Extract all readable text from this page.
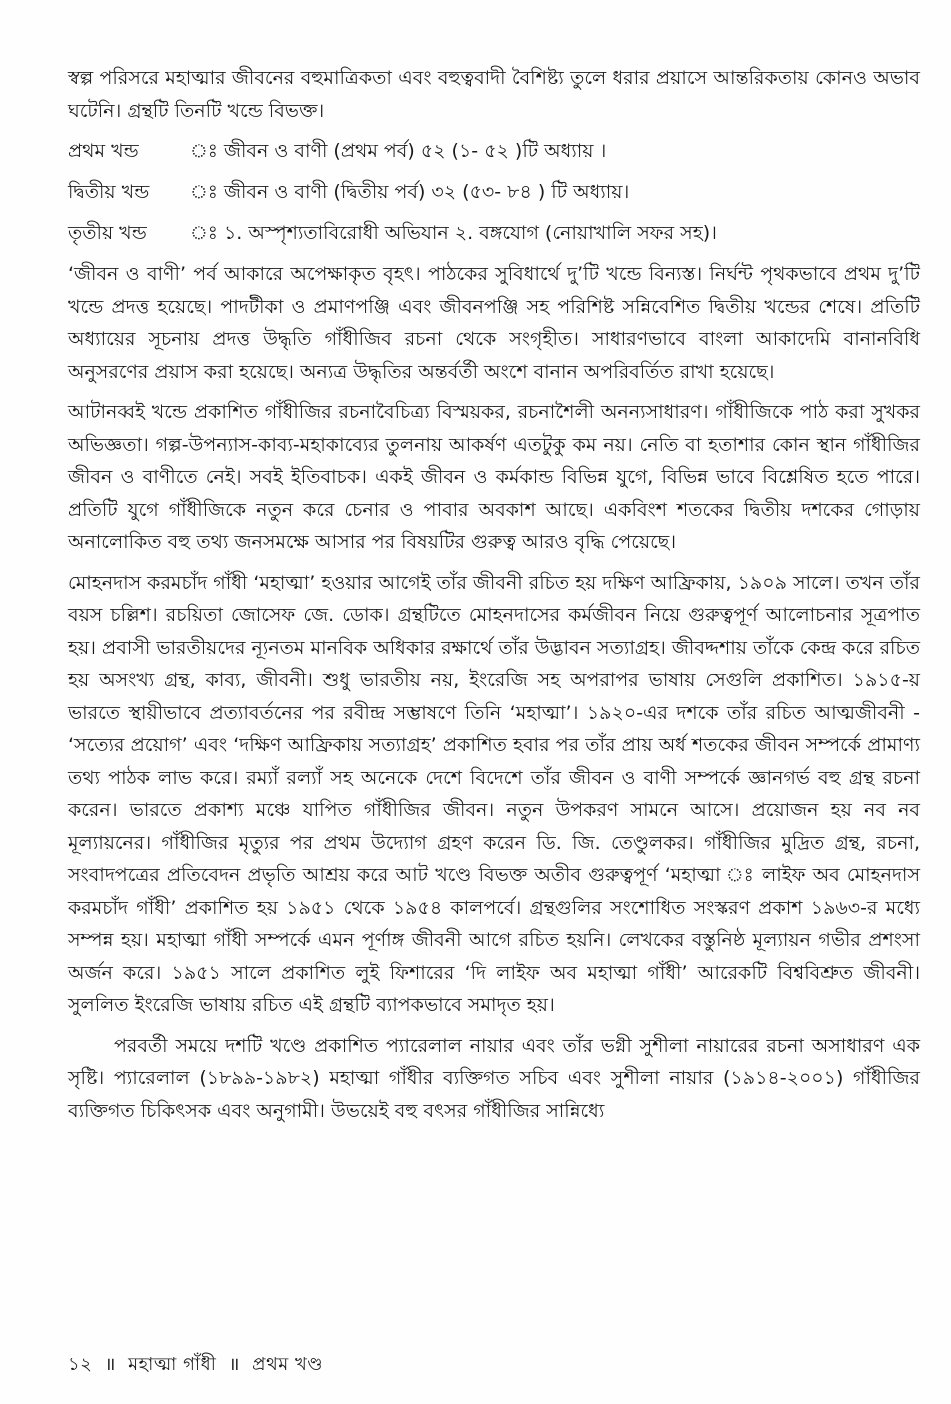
স্বল্প পরিসরে মহাত্মার জীবনের বহুমাত্রিকতা এবং বহুত্ববাদী বৈশিষ্ট্য তুলে ধরার প্রয়াসে আন্তরিকতায় কোনও অভাব ঘটেনি। গ্রন্থটি তিনটি খন্ডে বিভক্ত।

প্রথম খন্ড	ঃ জীবন ও বাণী (প্রথম পর্ব) ৫২ (১- ৫২ )টি অধ্যায় ।
দ্বিতীয় খন্ড	ঃ জীবন ও বাণী (দ্বিতীয় পর্ব) ৩২ (৫৩- ৮৪ ) টি অধ্যায়।
তৃতীয় খন্ড	ঃ ১. অস্পৃশ্যতাবিরোধী অভিযান ২. বঙ্গযোগ (নোয়াখালি সফর সহ)।

‘জীবন ও বাণী’ পর্ব আকারে অপেক্ষাকৃত বৃহৎ। পাঠকের সুবিধার্থে দু’টি খন্ডে বিন্যস্ত। নির্ঘন্ট পৃথকভাবে প্রথম দু’টি খন্ডে প্রদত্ত হয়েছে। পাদটীকা ও প্রমাণপঞ্জি এবং জীবনপঞ্জি সহ পরিশিষ্ট সন্নিবেশিত দ্বিতীয় খন্ডের শেষে। প্রতিটি অধ্যায়ের সূচনায় প্রদত্ত উদ্ধৃতি গাঁধীজিব রচনা থেকে সংগৃহীত। সাধারণভাবে বাংলা আকাদেমি বানানবিধি অনুসরণের প্রয়াস করা হয়েছে। অন্যত্র উদ্ধৃতির অন্তর্বর্তী অংশে বানান অপরিবর্তিত রাখা হয়েছে।

আটানব্বই খন্ডে প্রকাশিত গাঁধীজির রচনাবৈচিত্র্য বিস্ময়কর, রচনাশৈলী অনন্যসাধারণ। গাঁধীজিকে পাঠ করা সুখকর অভিজ্ঞতা। গল্প-উপন্যাস-কাব্য-মহাকাব্যের তুলনায় আকর্ষণ এতটুকু কম নয়। নেতি বা হতাশার কোন স্থান গাঁধীজির জীবন ও বাণীতে নেই। সবই ইতিবাচক। একই জীবন ও কর্মকান্ড বিভিন্ন যুগে, বিভিন্ন ভাবে বিশ্লেষিত হতে পারে। প্রতিটি যুগে গাঁধীজিকে নতুন করে চেনার ও পাবার অবকাশ আছে। একবিংশ শতকের দ্বিতীয় দশকের গোড়ায় অনালোকিত বহু তথ্য জনসমক্ষে আসার পর বিষয়টির গুরুত্ব আরও বৃদ্ধি পেয়েছে।

মোহনদাস করমচাঁদ গাঁধী ‘মহাত্মা’ হওয়ার আগেই তাঁর জীবনী রচিত হয় দক্ষিণ আফ্রিকায়, ১৯০৯ সালে। তখন তাঁর বয়স চল্লিশ। রচয়িতা জোসেফ জে. ডোক। গ্রন্থটিতে মোহনদাসের কর্মজীবন নিয়ে গুরুত্বপূর্ণ আলোচনার সূত্রপাত হয়। প্রবাসী ভারতীয়দের ন্যূনতম মানবিক অধিকার রক্ষার্থে তাঁর উদ্ভাবন সত্যাগ্রহ। জীবদ্দশায় তাঁকে কেন্দ্র করে রচিত হয় অসংখ্য গ্রন্থ, কাব্য, জীবনী। শুধু ভারতীয় নয়, ইংরেজি সহ অপরাপর ভাষায় সেগুলি প্রকাশিত। ১৯১৫-য় ভারতে স্থায়ীভাবে প্রত্যাবর্তনের পর রবীন্দ্র সম্ভাষণে তিনি ‘মহাত্মা’। ১৯২০-এর দশকে তাঁর রচিত আত্মজীবনী - ‘সত্যের প্রয়োগ’ এবং ‘দক্ষিণ আফ্রিকায় সত্যাগ্রহ’ প্রকাশিত হবার পর তাঁর প্রায় অর্ধ শতকের জীবন সম্পর্কে প্রামাণ্য তথ্য পাঠক লাভ করে। রম্যাঁ রল্যাঁ সহ অনেকে দেশে বিদেশে তাঁর জীবন ও বাণী সম্পর্কে জ্ঞানগর্ভ বহু গ্রন্থ রচনা করেন। ভারতে প্রকাশ্য মঞ্চে যাপিত গাঁধীজির জীবন। নতুন উপকরণ সামনে আসে। প্রয়োজন হয় নব নব মূল্যায়নের। গাঁধীজির মৃত্যুর পর প্রথম উদ্যোগ গ্রহণ করেন ডি. জি. তেণ্ডুলকর। গাঁধীজির মুদ্রিত গ্রন্থ, রচনা, সংবাদপত্রের প্রতিবেদন প্রভৃতি আশ্রয় করে আট খণ্ডে বিভক্ত অতীব গুরুত্বপূর্ণ ‘মহাত্মা ঃ লাইফ অব মোহনদাস করমচাঁদ গাঁধী’ প্রকাশিত হয় ১৯৫১ থেকে ১৯৫৪ কালপর্বে। গ্রন্থগুলির সংশোধিত সংস্করণ প্রকাশ ১৯৬৩-র মধ্যে সম্পন্ন হয়। মহাত্মা গাঁধী সম্পর্কে এমন পূর্ণাঙ্গ জীবনী আগে রচিত হয়নি। লেখকের বস্তুনিষ্ঠ মূল্যায়ন গভীর প্রশংসা অর্জন করে। ১৯৫১ সালে প্রকাশিত লুই ফিশারের ‘দি লাইফ অব মহাত্মা গাঁধী’ আরেকটি বিশ্ববিশ্রুত জীবনী। সুললিত ইংরেজি ভাষায় রচিত এই গ্রন্থটি ব্যাপকভাবে সমাদৃত হয়।

পরবর্তী সময়ে দশটি খণ্ডে প্রকাশিত প্যারেলাল নায়ার এবং তাঁর ভগ্নী সুশীলা নায়ারের রচনা অসাধারণ এক সৃষ্টি। প্যারেলাল (১৮৯৯-১৯৮২) মহাত্মা গাঁধীর ব্যক্তিগত সচিব এবং সুশীলা নায়ার (১৯১৪-২০০১) গাঁধীজির ব্যক্তিগত চিকিৎসক এবং অনুগামী। উভয়েই বহু বৎসর গাঁধীজির সান্নিধ্যে

১২ ॥ মহাত্মা গাঁধী ॥ প্রথম খণ্ড
